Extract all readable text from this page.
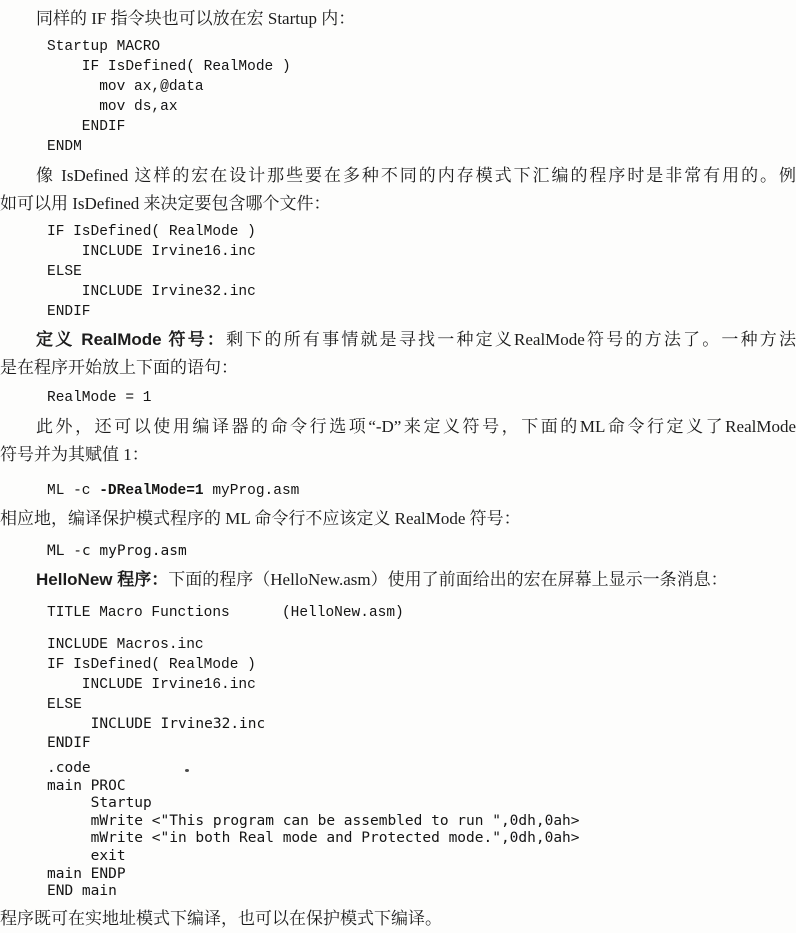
同样的 IF 指令块也可以放在宏 Startup 内：

Startup MACRO
IF IsDefined( RealMode )
mov ax,@data
mov ds,ax
ENDIF
ENDM
像 IsDefined 这样的宏在设计那些要在多种不同的内存模式下汇编的程序时是非常有用的。例
如可以用 IsDefined 来决定要包含哪个文件：
IF IsDefined( RealMode )
INCLUDE Irvine16.inc
ELSE
INCLUDE Irvine32.inc
ENDIF
定义 RealMode 符号：剩下的所有事情就是寻找一种定义RealMode符号的方法了。一种方法
是在程序开始放上下面的语句：
RealMode = 1
此外，还可以使用编译器的命令行选项“-D”来定义符号，下面的ML命令行定义了RealMode
符号并为其赋值 1：
ML -c -DRealMode=1 myProg.asm

相应地，编译保护模式程序的 ML 命令行不应该定义 RealMode 符号：

ML -c myProg.asm
HelloNew 程序：下面的程序（HelloNew.asm）使用了前面给出的宏在屏幕上显示一条消息：
TITLE Macro Functions      (HelloNew.asm)
INCLUDE Macros.inc
IF IsDefined( RealMode )
INCLUDE Irvine16.inc
ELSE
INCLUDE Irvine32.inc
ENDIF
.code
main PROC
Startup
mWrite <"This program can be assembled to run ",0dh,0ah>
mWrite <"in both Real mode and Protected mode.",0dh,0ah>
exit
main ENDP
END main

程序既可在实地址模式下编译，也可以在保护模式下编译。
